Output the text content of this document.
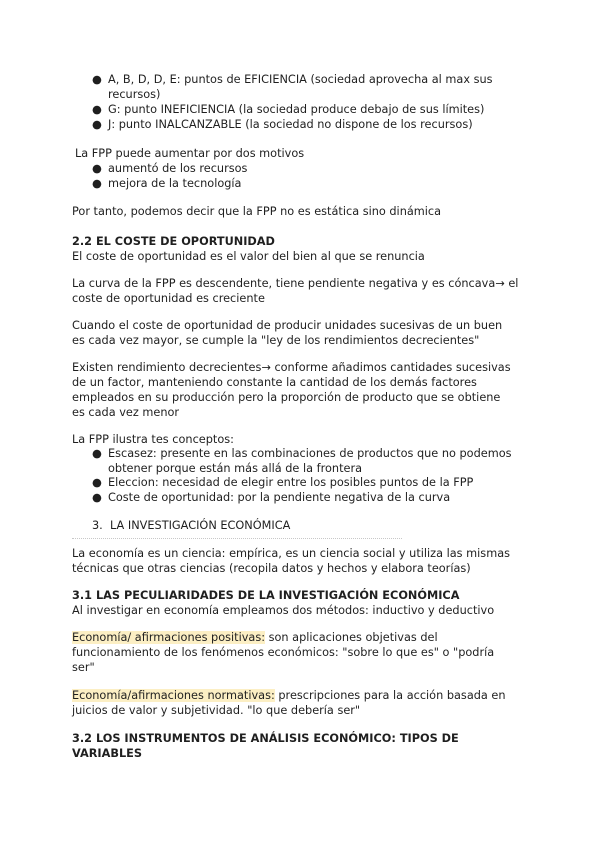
● A, B, D, D, E: puntos de EFICIENCIA (sociedad aprovecha al max sus
recursos)
● G: punto INEFICIENCIA (la sociedad produce debajo de sus límites)
● J: punto INALCANZABLE (la sociedad no dispone de los recursos)
La FPP puede aumentar por dos motivos
● aumentó de los recursos
● mejora de la tecnología
Por tanto, podemos decir que la FPP no es estática sino dinámica
2.2 EL COSTE DE OPORTUNIDAD
El coste de oportunidad es el valor del bien al que se renuncia
La curva de la FPP es descendente, tiene pendiente negativa y es cóncava→ el
coste de oportunidad es creciente
Cuando el coste de oportunidad de producir unidades sucesivas de un buen
es cada vez mayor, se cumple la "ley de los rendimientos decrecientes"
Existen rendimiento decrecientes→ conforme añadimos cantidades sucesivas
de un factor, manteniendo constante la cantidad de los demás factores
empleados en su producción pero la proporción de producto que se obtiene
es cada vez menor
La FPP ilustra tes conceptos:
● Escasez: presente en las combinaciones de productos que no podemos
obtener porque están más allá de la frontera
● Eleccion: necesidad de elegir entre los posibles puntos de la FPP
● Coste de oportunidad: por la pendiente negativa de la curva
3. LA INVESTIGACIÓN ECONÓMICA
La economía es un ciencia: empírica, es un ciencia social y utiliza las mismas
técnicas que otras ciencias (recopila datos y hechos y elabora teorías)
3.1 LAS PECULIARIDADES DE LA INVESTIGACIÓN ECONÓMICA
Al investigar en economía empleamos dos métodos: inductivo y deductivo
Economía/ afirmaciones positivas: son aplicaciones objetivas del
funcionamiento de los fenómenos económicos: "sobre lo que es" o "podría
ser"
Economía/afirmaciones normativas: prescripciones para la acción basada en
juicios de valor y subjetividad. "lo que debería ser"
3.2 LOS INSTRUMENTOS DE ANÁLISIS ECONÓMICO: TIPOS DE VARIABLES
